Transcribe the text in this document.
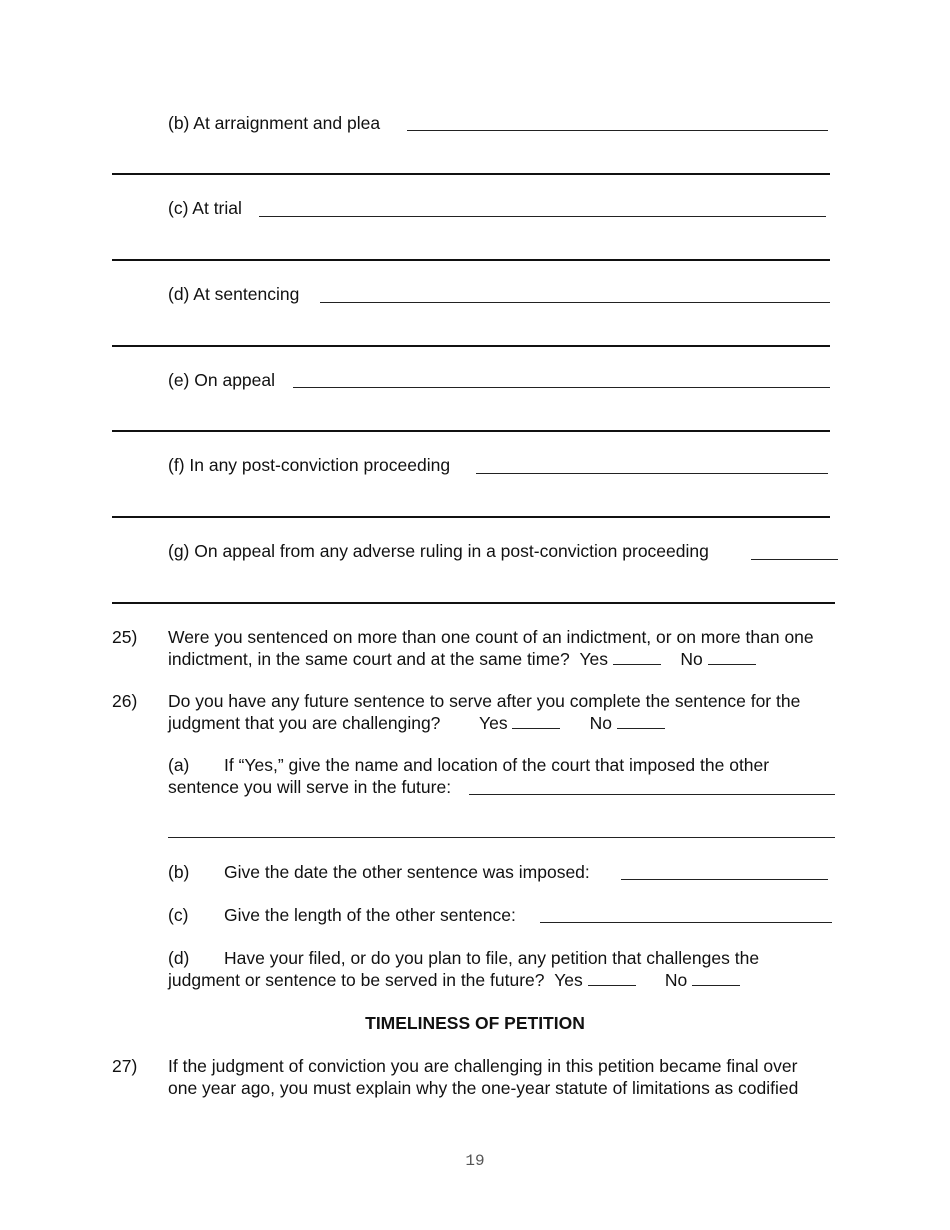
(b) At arraignment and plea
(c) At trial
(d) At sentencing
(e) On appeal
(f) In any post-conviction proceeding
(g) On appeal from any adverse ruling in a post-conviction proceeding
25) Were you sentenced on more than one count of an indictment, or on more than one
indictment, in the same court and at the same time? Yes	No
26) Do you have any future sentence to serve after you complete the sentence for the
judgment that you are challenging? Yes	No
(a) If “Yes,” give the name and location of the court that imposed the other
sentence you will serve in the future:
(b) Give the date the other sentence was imposed:
(c) Give the length of the other sentence:
(d) Have your filed, or do you plan to file, any petition that challenges the
judgment or sentence to be served in the future? Yes	No
TIMELINESS OF PETITION
27) If the judgment of conviction you are challenging in this petition became final over
one year ago, you must explain why the one-year statute of limitations as codified
19
